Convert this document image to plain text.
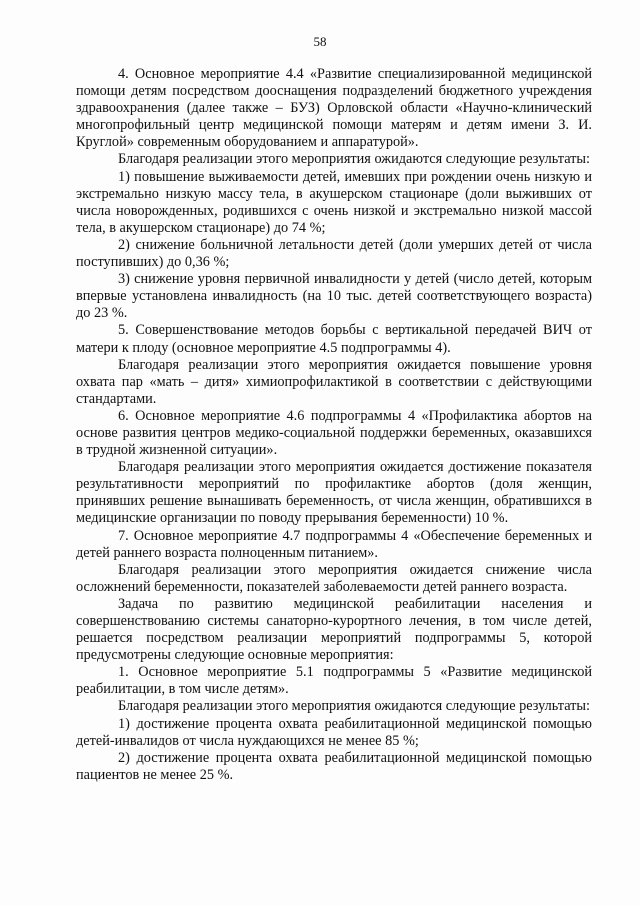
58

4. Основное мероприятие 4.4 «Развитие специализированной медицинской помощи детям посредством дооснащения подразделений бюджетного учреждения здравоохранения (далее также – БУЗ) Орловской области «Научно-клинический многопрофильный центр медицинской помощи матерям и детям имени З. И. Круглой» современным оборудованием и аппаратурой».

Благодаря реализации этого мероприятия ожидаются следующие результаты:

1) повышение выживаемости детей, имевших при рождении очень низкую и экстремально низкую массу тела, в акушерском стационаре (доли выживших от числа новорожденных, родившихся с очень низкой и экстремально низкой массой тела, в акушерском стационаре) до 74 %;

2) снижение больничной летальности детей (доли умерших детей от числа поступивших) до 0,36 %;

3) снижение уровня первичной инвалидности у детей (число детей, которым впервые установлена инвалидность (на 10 тыс. детей соответствующего возраста) до 23 %.

5. Совершенствование методов борьбы с вертикальной передачей ВИЧ от матери к плоду (основное мероприятие 4.5 подпрограммы 4).

Благодаря реализации этого мероприятия ожидается повышение уровня охвата пар «мать – дитя» химиопрофилактикой в соответствии с действующими стандартами.

6. Основное мероприятие 4.6 подпрограммы 4 «Профилактика абортов на основе развития центров медико-социальной поддержки беременных, оказавшихся в трудной жизненной ситуации».

Благодаря реализации этого мероприятия ожидается достижение показателя результативности мероприятий по профилактике абортов (доля женщин, принявших решение вынашивать беременность, от числа женщин, обратившихся в медицинские организации по поводу прерывания беременности) 10 %.

7. Основное мероприятие 4.7 подпрограммы 4 «Обеспечение беременных и детей раннего возраста полноценным питанием».

Благодаря реализации этого мероприятия ожидается снижение числа осложнений беременности, показателей заболеваемости детей раннего возраста.

Задача по развитию медицинской реабилитации населения и совершенствованию системы санаторно-курортного лечения, в том числе детей, решается посредством реализации мероприятий подпрограммы 5, которой предусмотрены следующие основные мероприятия:

1. Основное мероприятие 5.1 подпрограммы 5 «Развитие медицинской реабилитации, в том числе детям».

Благодаря реализации этого мероприятия ожидаются следующие результаты:

1) достижение процента охвата реабилитационной медицинской помощью детей-инвалидов от числа нуждающихся не менее 85 %;

2) достижение процента охвата реабилитационной медицинской помощью пациентов не менее 25 %.
